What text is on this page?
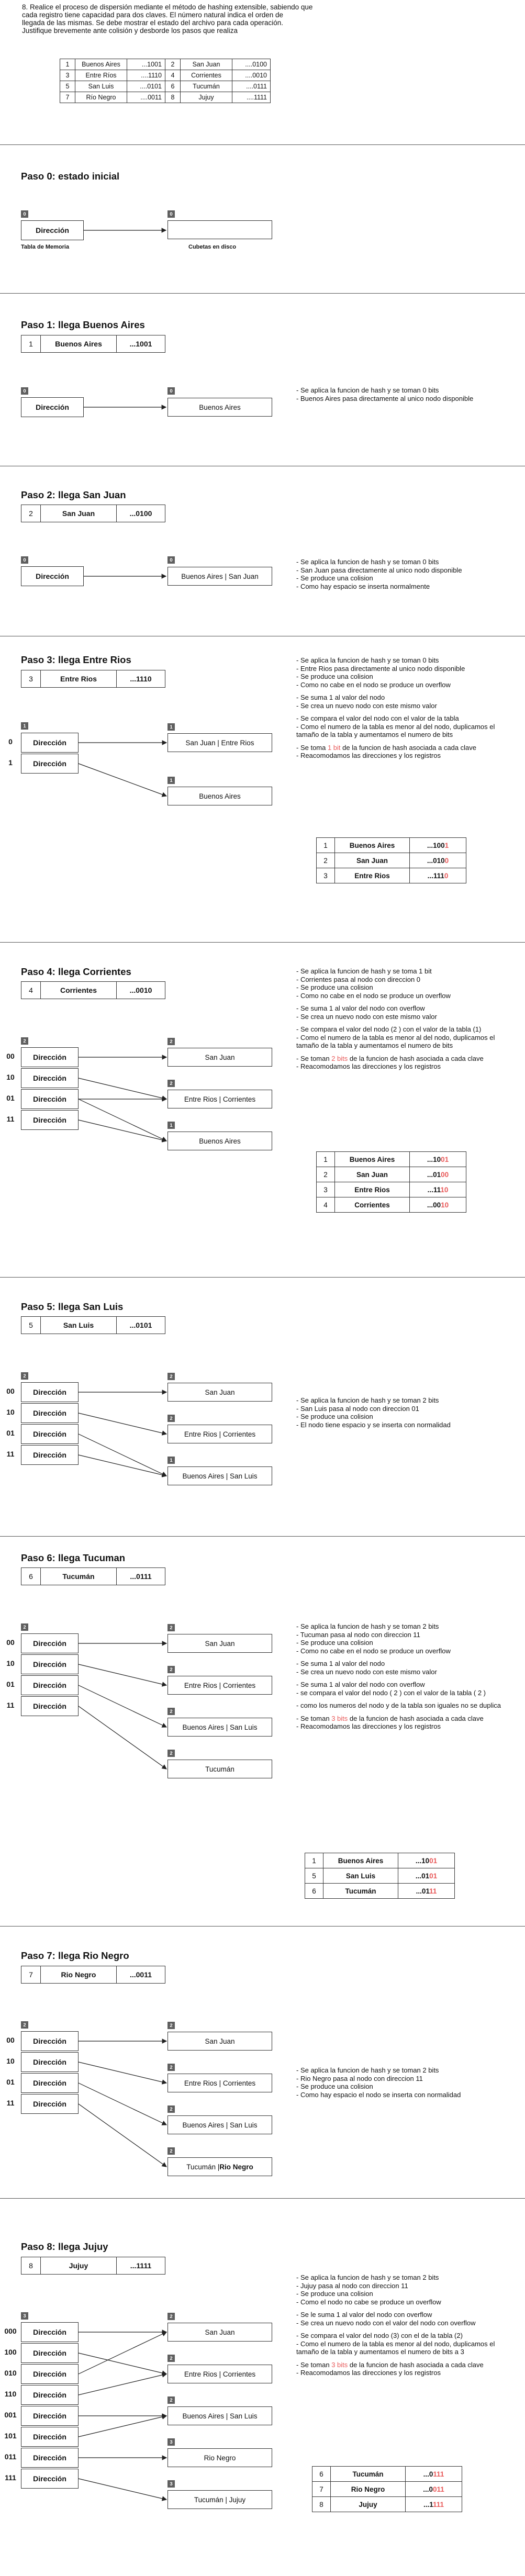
8. Realice el proceso de dispersión mediante el método de hashing extensible, sabiendo que
cada registro tiene capacidad para dos claves. El número natural indica el orden de
llegada de las mismas. Se debe mostrar el estado del archivo para cada operación.
Justifique brevemente ante colisión y desborde los pasos que realiza
1	Buenos Aires	...1001	2	San Juan	....0100
3	Entre Ríos	....1110	4	Corrientes	....0010
5	San Luis	....0101	6	Tucumán	....0111
7	Río Negro	....0011	8	Jujuy	....1111
Paso 0: estado inicial
0
Dirección
Tabla de Memoria
0
Cubetas en disco
Paso 1: llega Buenos Aires
1	Buenos Aires	...1001
0
Dirección
0
Buenos Aires
- Se aplica la funcion de hash y se toman 0 bits
- Buenos Aires pasa directamente al unico nodo disponible
Paso 2: llega San Juan
2	San Juan	...0100
0
Dirección
0
Buenos Aires | San Juan
- Se aplica la funcion de hash y se toman 0 bits
- San Juan pasa directamente al unico nodo disponible
- Se produce una colision
- Como hay espacio se inserta normalmente
Paso 3: llega Entre Rios
3	Entre Rios	...1110
1
0	Dirección
1	Dirección
1
San Juan | Entre Rios
1
Buenos Aires
- Se aplica la funcion de hash y se toman 0 bits
- Entre Rios pasa directamente al unico nodo disponible
- Se produce una colision
- Como no cabe en el nodo se produce un overflow
- Se suma 1 al valor del nodo
- Se crea un nuevo nodo con este mismo valor
- Se compara el valor del nodo con el valor de la tabla
- Como el numero de la tabla es menor al del nodo, duplicamos el tamaño de la tabla y aumentamos el numero de bits
- Se toma 1 bit de la funcion de hash asociada a cada clave
- Reacomodamos las direcciones y los registros
1	Buenos Aires	...1001
2	San Juan	...0100
3	Entre Rios	...1110
Paso 4: llega Corrientes
4	Corrientes	...0010
2
00	Dirección
10	Dirección
01	Dirección
11	Dirección
2
San Juan
2
Entre Rios | Corrientes
1
Buenos Aires
- Se aplica la funcion de hash y se toma 1 bit
- Corrientes pasa al nodo con direccion 0
- Se produce una colision
- Como no cabe en el nodo se produce un overflow
- Se suma 1 al valor del nodo con overflow
- Se crea un nuevo nodo con este mismo valor
- Se compara el valor del nodo (2 ) con el valor de la tabla (1)
- Como el numero de la tabla es menor al del nodo, duplicamos el tamaño de la tabla y aumentamos el numero de bits
- Se toman 2 bits de la funcion de hash asociada a cada clave
- Reacomodamos las direcciones y los registros
1	Buenos Aires	...1001
2	San Juan	...0100
3	Entre Rios	...1110
4	Corrientes	...0010
Paso 5: llega San Luis
5	San Luis	...0101
2
00	Dirección
10	Dirección
01	Dirección
11	Dirección
2
San Juan
2
Entre Rios | Corrientes
1
Buenos Aires | San Luis
- Se aplica la funcion de hash y se toman 2 bits
- San Luis pasa al nodo con direccion 01
- Se produce una colision
- El nodo tiene espacio y se inserta con normalidad
Paso 6: llega Tucuman
6	Tucumán	...0111
2
00	Dirección
10	Dirección
01	Dirección
11	Dirección
2
San Juan
2
Entre Rios | Corrientes
2
Buenos Aires | San Luis
2
Tucumán
- Se aplica la funcion de hash y se toman 2 bits
- Tucuman pasa al nodo con direccion 11
- Se produce una colision
- Como no cabe en el nodo se produce un overflow
- Se suma 1 al valor del nodo
- Se crea un nuevo nodo con este mismo valor
- Se suma 1 al valor del nodo con overflow
- se compara el valor del nodo ( 2 ) con el valor de la tabla ( 2 )
- como los numeros del nodo y de la tabla son iguales no se duplica
- Se toman 3 bits de la funcion de hash asociada a cada clave
- Reacomodamos las direcciones y los registros
1	Buenos Aires	...1001
5	San Luis	...0101
6	Tucumán	...0111
Paso 7: llega Rio Negro
7	Rio Negro	...0011
2
00	Dirección
10	Dirección
01	Dirección
11	Dirección
2
San Juan
2
Entre Rios | Corrientes
2
Buenos Aires | San Luis
2
Tucumán | Rio Negro
- Se aplica la funcion de hash y se toman 2 bits
- Rio Negro pasa al nodo con direccion 11
- Se produce una colision
- Como hay espacio el nodo se inserta con normalidad
Paso 8: llega Jujuy
8	Jujuy	...1111
3
000	Dirección
100	Dirección
010	Dirección
110	Dirección
001	Dirección
101	Dirección
011	Dirección
111	Dirección
2
San Juan
2
Entre Rios | Corrientes
2
Buenos Aires | San Luis
3
Rio Negro
3
Tucumán | Jujuy
- Se aplica la funcion de hash y se toman 2 bits
- Jujuy pasa al nodo con direccion 11
- Se produce una colision
- Como el nodo no cabe se produce un overflow
- Se le suma 1 al valor del nodo con overflow
- Se crea un nuevo nodo con el valor del nodo con overflow
- Se compara el valor del nodo (3) con el de la tabla (2)
- Como el numero de la tabla es menor al del nodo, duplicamos el tamaño de la tabla y aumentamos el numero de bits a 3
- Se toman 3 bits de la funcion de hash asociada a cada clave
- Reacomodamos las direcciones y los registros
6	Tucumán	...0111
7	Rio Negro	...0011
8	Jujuy	...1111
